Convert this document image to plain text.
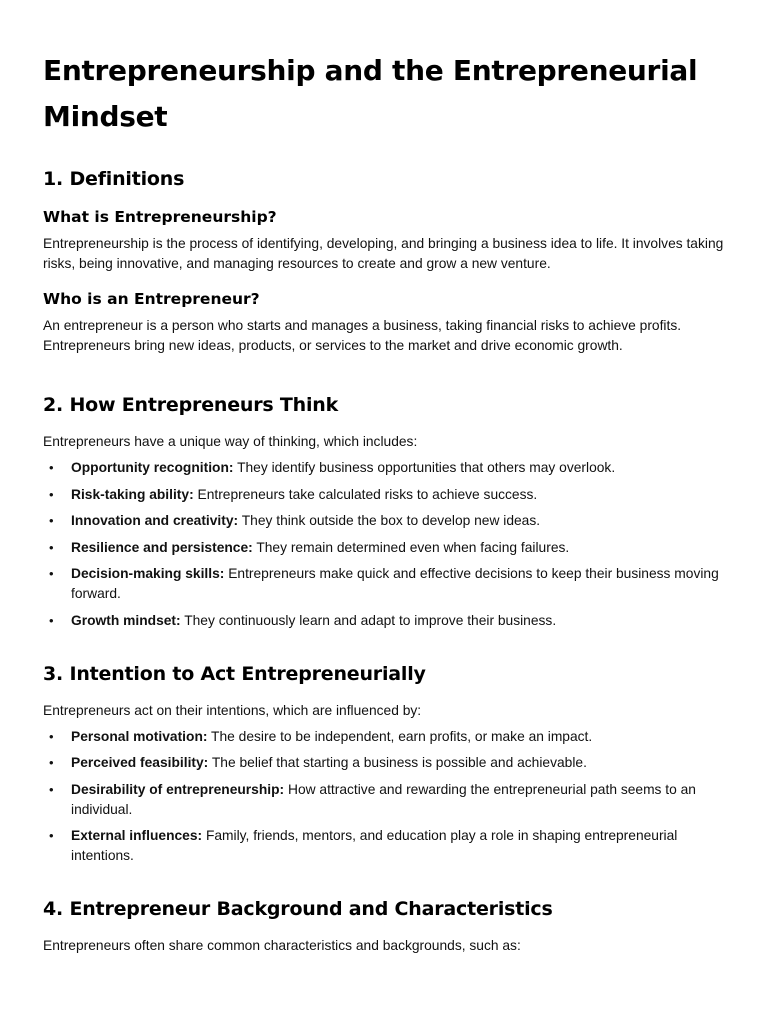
Entrepreneurship and the Entrepreneurial Mindset
1. Definitions
What is Entrepreneurship?

Entrepreneurship is the process of identifying, developing, and bringing a business idea to life. It involves taking risks, being innovative, and managing resources to create and grow a new venture.

Who is an Entrepreneur?

An entrepreneur is a person who starts and manages a business, taking financial risks to achieve profits. Entrepreneurs bring new ideas, products, or services to the market and drive economic growth.

2. How Entrepreneurs Think

Entrepreneurs have a unique way of thinking, which includes:

• Opportunity recognition: They identify business opportunities that others may overlook.
• Risk-taking ability: Entrepreneurs take calculated risks to achieve success.
• Innovation and creativity: They think outside the box to develop new ideas.
• Resilience and persistence: They remain determined even when facing failures.
• Decision-making skills: Entrepreneurs make quick and effective decisions to keep their business moving forward.
• Growth mindset: They continuously learn and adapt to improve their business.
3. Intention to Act Entrepreneurially

Entrepreneurs act on their intentions, which are influenced by:

• Personal motivation: The desire to be independent, earn profits, or make an impact.
• Perceived feasibility: The belief that starting a business is possible and achievable.
• Desirability of entrepreneurship: How attractive and rewarding the entrepreneurial path seems to an individual.
• External influences: Family, friends, mentors, and education play a role in shaping entrepreneurial intentions.
4. Entrepreneur Background and Characteristics

Entrepreneurs often share common characteristics and backgrounds, such as:
